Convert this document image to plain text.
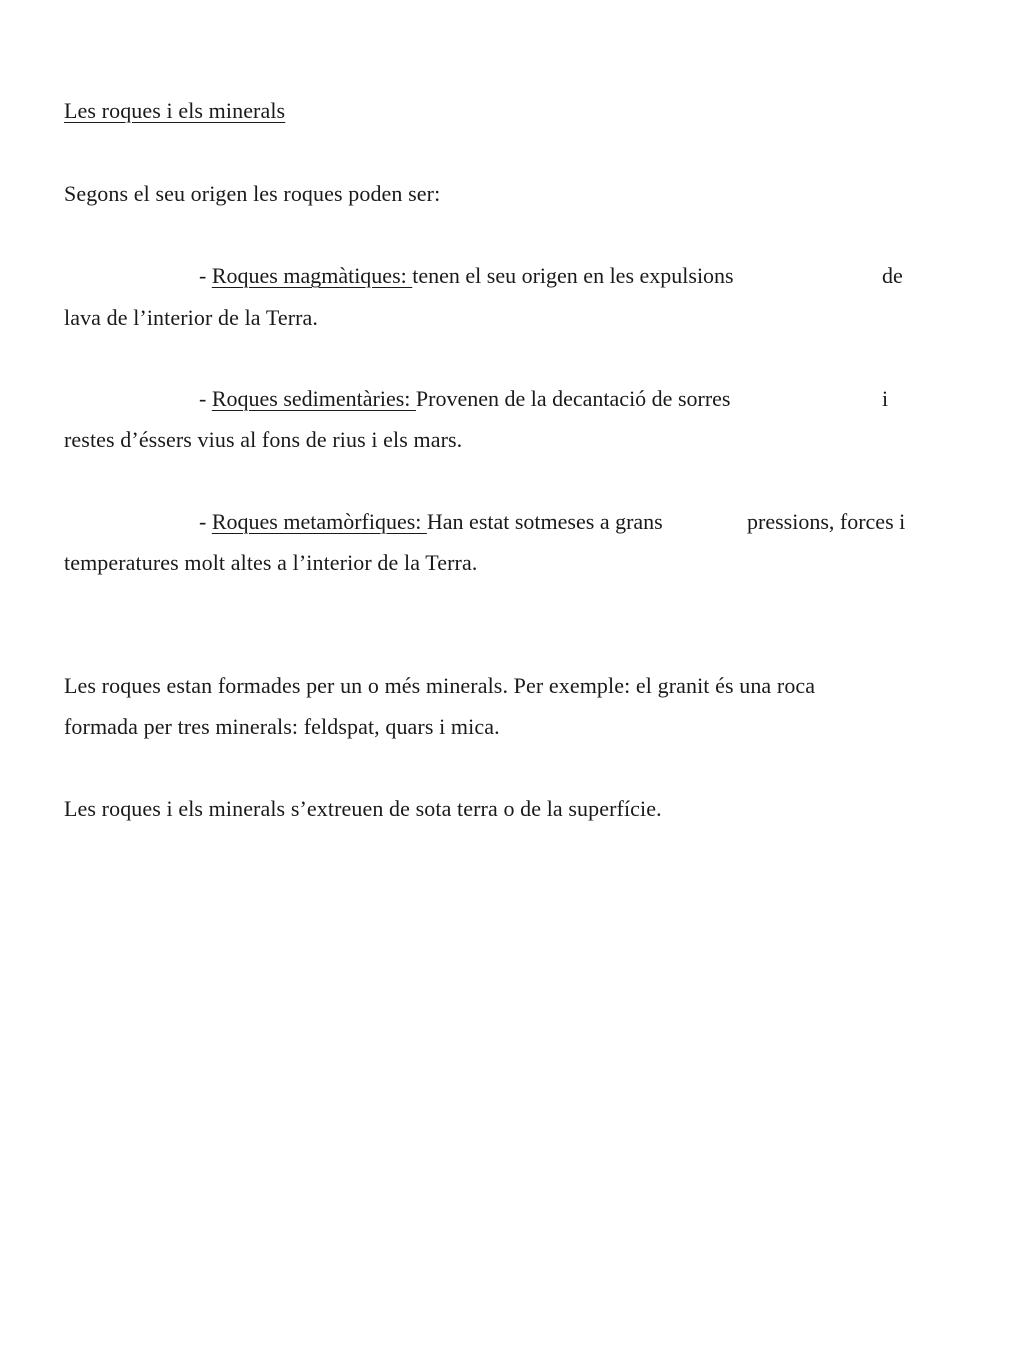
Les roques i els minerals
Segons el seu origen les roques poden ser:
- Roques magmàtiques: tenen el seu origen en les expulsions	de
lava de l’interior de la Terra.
- Roques sedimentàries: Provenen de la decantació de sorres	i
restes d’éssers vius al fons de rius i els mars.
- Roques metamòrfiques: Han estat sotmeses a grans	pressions, forces i
temperatures molt altes a l’interior de la Terra.
Les roques estan formades per un o més minerals. Per exemple: el granit és una roca
formada per tres minerals: feldspat, quars i mica.
Les roques i els minerals s’extreuen de sota terra o de la superfície.
